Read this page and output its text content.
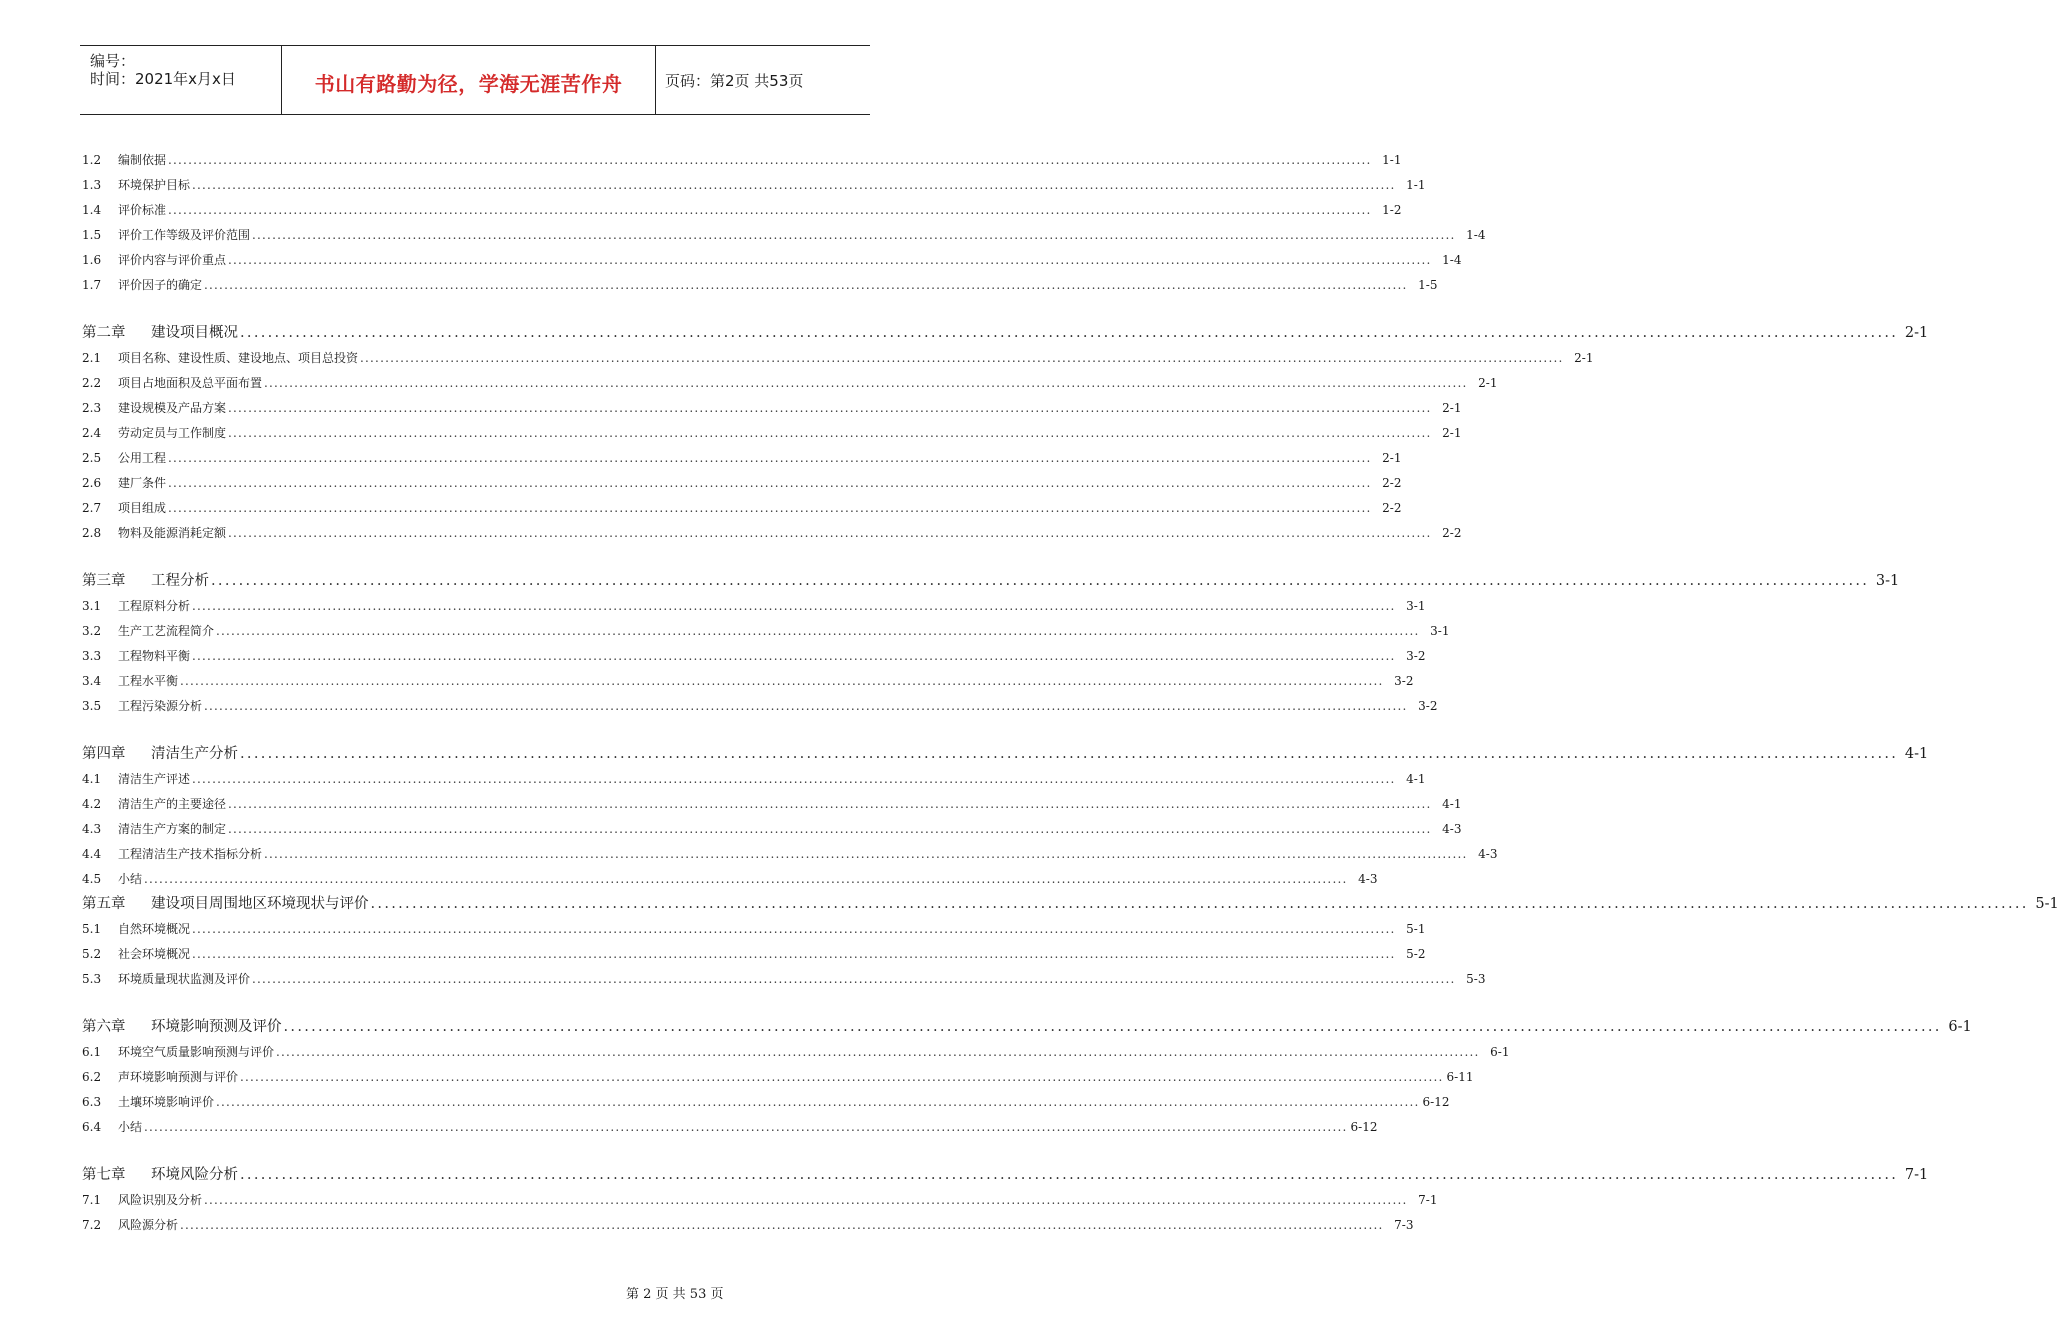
编号：
时间：2021年x月x日	书山有路勤为径，学海无涯苦作舟	页码：第2页 共53页
1.2	编制依据 ................................................................................................................................................................................................................................................ 1-1
1.3	环境保护目标 ................................................................................................................................................................................................................................................ 1-1
1.4	评价标准 ................................................................................................................................................................................................................................................ 1-2
1.5	评价工作等级及评价范围 ................................................................................................................................................................................................................................................ 1-4
1.6	评价内容与评价重点 ................................................................................................................................................................................................................................................ 1-4
1.7	评价因子的确定 ................................................................................................................................................................................................................................................ 1-5
第二章	建设项目概况 ................................................................................................................................................................................................................................................ 2-1
2.1	项目名称、建设性质、建设地点、项目总投资 ................................................................................................................................................................................................................................................ 2-1
2.2	项目占地面积及总平面布置 ................................................................................................................................................................................................................................................ 2-1
2.3	建设规模及产品方案 ................................................................................................................................................................................................................................................ 2-1
2.4	劳动定员与工作制度 ................................................................................................................................................................................................................................................ 2-1
2.5	公用工程 ................................................................................................................................................................................................................................................ 2-1
2.6	建厂条件 ................................................................................................................................................................................................................................................ 2-2
2.7	项目组成 ................................................................................................................................................................................................................................................ 2-2
2.8	物料及能源消耗定额 ................................................................................................................................................................................................................................................ 2-2
第三章	工程分析 ................................................................................................................................................................................................................................................ 3-1
3.1	工程原料分析 ................................................................................................................................................................................................................................................ 3-1
3.2	生产工艺流程简介 ................................................................................................................................................................................................................................................ 3-1
3.3	工程物料平衡 ................................................................................................................................................................................................................................................ 3-2
3.4	工程水平衡 ................................................................................................................................................................................................................................................ 3-2
3.5	工程污染源分析 ................................................................................................................................................................................................................................................ 3-2
第四章	清洁生产分析 ................................................................................................................................................................................................................................................ 4-1
4.1	清洁生产评述 ................................................................................................................................................................................................................................................ 4-1
4.2	清洁生产的主要途径 ................................................................................................................................................................................................................................................ 4-1
4.3	清洁生产方案的制定 ................................................................................................................................................................................................................................................ 4-3
4.4	工程清洁生产技术指标分析 ................................................................................................................................................................................................................................................ 4-3
4.5	小结 ................................................................................................................................................................................................................................................ 4-3
第五章	建设项目周围地区环境现状与评价 ................................................................................................................................................................................................................................................ 5-1
5.1	自然环境概况 ................................................................................................................................................................................................................................................ 5-1
5.2	社会环境概况 ................................................................................................................................................................................................................................................ 5-2
5.3	环境质量现状监测及评价 ................................................................................................................................................................................................................................................ 5-3
第六章	环境影响预测及评价 ................................................................................................................................................................................................................................................ 6-1
6.1	环境空气质量影响预测与评价 ................................................................................................................................................................................................................................................ 6-1
6.2	声环境影响预测与评价 ................................................................................................................................................................................................................................................ 6-11
6.3	土壤环境影响评价 ................................................................................................................................................................................................................................................ 6-12
6.4	小结 ................................................................................................................................................................................................................................................ 6-12
第七章	环境风险分析 ................................................................................................................................................................................................................................................ 7-1
7.1	风险识别及分析 ................................................................................................................................................................................................................................................ 7-1
7.2	风险源分析 ................................................................................................................................................................................................................................................ 7-3
第 2 页 共 53 页
